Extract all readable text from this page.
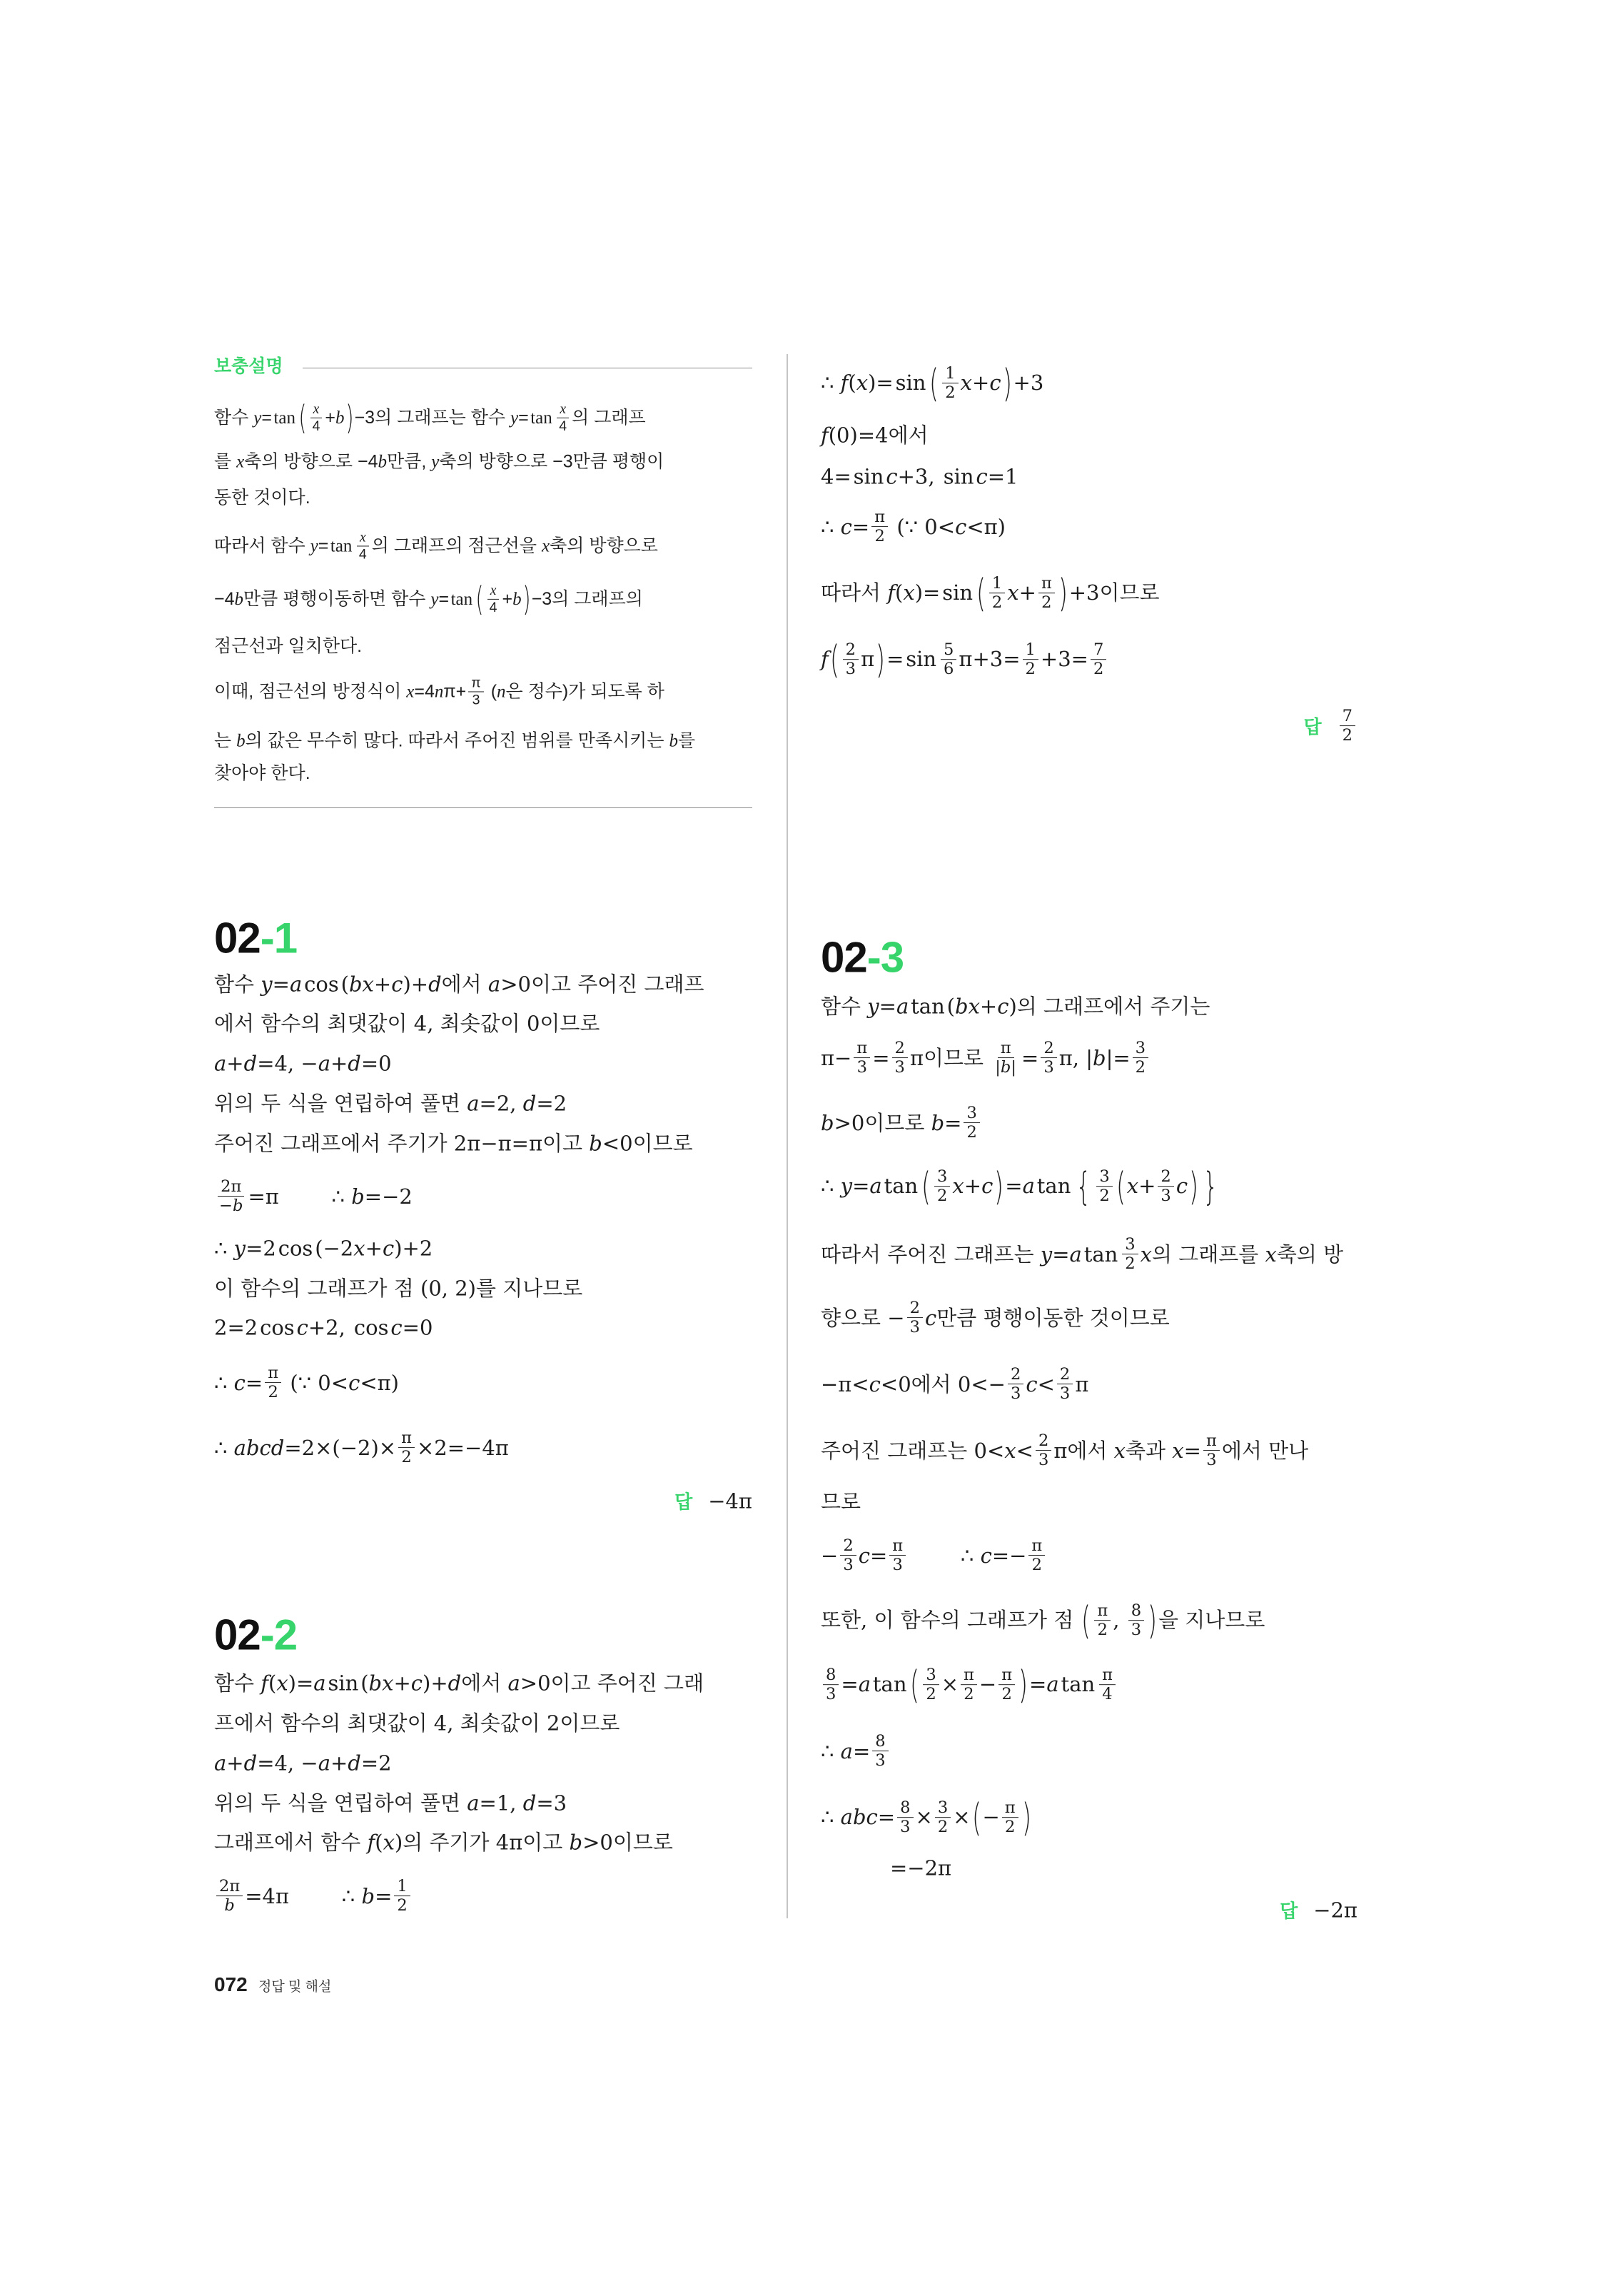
보충설명
함수 y= tan ( $\frac{x}{4} +b$ ) −3의 그래프는 함수 $y= \tan \frac{x}{4}$ 의 그래프
를 x축의 방향으로 −4b만큼, y축의 방향으로 −3만큼 평행이
동한 것이다.
따라서 함수 $y= \tan \frac{x}{4}$ 의 그래프의 점근선을 x축의 방향으로
−4b만큼 평행이동하면 함수 y= tan ( $\frac{x}{4} +b$ ) −3의 그래프의
점근선과 일치한다.
이때, 점근선의 방정식이 $x=4n\pi+ \frac{\pi}{3} (n$은 정수)가 되도록 하
는 b의 값은 무수히 많다. 따라서 주어진 범위를 만족시키는 b를
찾아야 한다.
02-1
함수 y=acos(bx+c)+d에서 a>0이고 주어진 그래프
에서 함수의 최댓값이 4, 최솟값이 0이므로
a+d=4, −a+d=0
위의 두 식을 연립하여 풀면 a=2, d=2
주어진 그래프에서 주기가 2π−π=π이고 b<0이므로
$\frac{2\pi}{-b} =\pi$        ∴ b=−2
∴ y=2cos(−2x+c)+2
이 함수의 그래프가 점 (0, 2)를 지나므로
2=2cosc+2, cosc=0
∴ $c= \frac{\pi}{2}$ (∵ 0<c<π)
∴ abcd=2×(−2)× $\frac{\pi}{2} \times 2=-4\pi$
답 −4π
02-2
함수 f(x)=asin(bx+c)+d에서 a>0이고 주어진 그래
프에서 함수의 최댓값이 4, 최솟값이 2이므로
a+d=4, −a+d=2
위의 두 식을 연립하여 풀면 a=1, d=3
그래프에서 함수 f(x)의 주기가 4π이고 b>0이므로
$\frac{2\pi}{b} =4\pi$        ∴ $b= \frac{1}{2}$
∴ f(x)=sin ( $\frac{1}{2} x+c$ ) +3
f(0)=4에서
4=sinc+3, sinc=1
∴ $c= \frac{\pi}{2}$ (∵ 0<c<π)
따라서 f(x)=sin ( $\frac{1}{2} x+ \frac{\pi}{2}$ ) +3이므로
f ( $\frac{2}{3}$ π ) $=\sin \frac{5}{6} \pi+3= \frac{1}{2} +3= \frac{7}{2}$
답 $\frac{7}{2}$
02-3
함수 y=atan(bx+c)의 그래프에서 주기는
$\pi- \frac{\pi}{3} = \frac{2}{3}$ π이므로 $\frac{\pi}{|b|} = \frac{2}{3} \pi$, $|b|= \frac{3}{2}$
b>0이므로 $b= \frac{3}{2}$
∴ y=atan ( $\frac{3}{2} x+c$ ) =atan { $\frac{3}{2}$ ( $x+ \frac{2}{3}$ c ) }
따라서 주어진 그래프는 $y=atan \frac{3}{2}$ x의 그래프를 x축의 방
향으로 − $\frac{2}{3}$ c만큼 평행이동한 것이므로
−π<c<0에서 $0<- \frac{2}{3} c< \frac{2}{3}$ π
주어진 그래프는 $0<x< \frac{2}{3}$ π에서 x축과 $x= \frac{\pi}{3}$ 에서 만나
므로
− $\frac{2}{3} c= \frac{\pi}{3}$ ∴ $c=- \frac{\pi}{2}$
또한, 이 함수의 그래프가 점 ( $\frac{\pi}{2}$ , $\frac{8}{3}$ ) 을 지나므로
$\frac{8}{3} =atan$ ( $\frac{3}{2} \times \frac{\pi}{2} - \frac{\pi}{2}$ ) $=atan \frac{\pi}{4}$
∴ $a= \frac{8}{3}$
∴ $abc= \frac{8}{3} \times \frac{3}{2}$ × ( − $\frac{\pi}{2}$ )
=−2π
답 −2π
072 정답 및 해설
